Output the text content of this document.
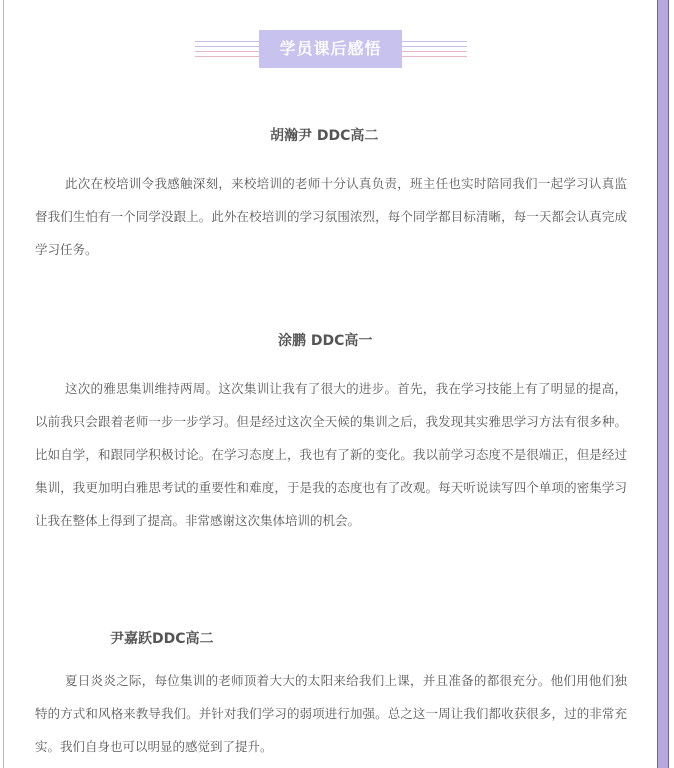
学员课后感悟
胡瀚尹 DDC高二
此次在校培训令我感触深刻，来校培训的老师十分认真负责，班主任也实时陪同我们一起学习认真监督我们生怕有一个同学没跟上。此外在校培训的学习氛围浓烈，每个同学都目标清晰，每一天都会认真完成学习任务。
涂鹏 DDC高一
这次的雅思集训维持两周。这次集训让我有了很大的进步。首先，我在学习技能上有了明显的提高，以前我只会跟着老师一步一步学习。但是经过这次全天候的集训之后，我发现其实雅思学习方法有很多种。比如自学，和跟同学积极讨论。在学习态度上，我也有了新的变化。我以前学习态度不是很端正，但是经过集训，我更加明白雅思考试的重要性和难度，于是我的态度也有了改观。每天听说读写四个单项的密集学习让我在整体上得到了提高。非常感谢这次集体培训的机会。
尹嘉跃DDC高二
夏日炎炎之际，每位集训的老师顶着大大的太阳来给我们上课，并且准备的都很充分。他们用他们独特的方式和风格来教导我们。并针对我们学习的弱项进行加强。总之这一周让我们都收获很多，过的非常充实。我们自身也可以明显的感觉到了提升。
